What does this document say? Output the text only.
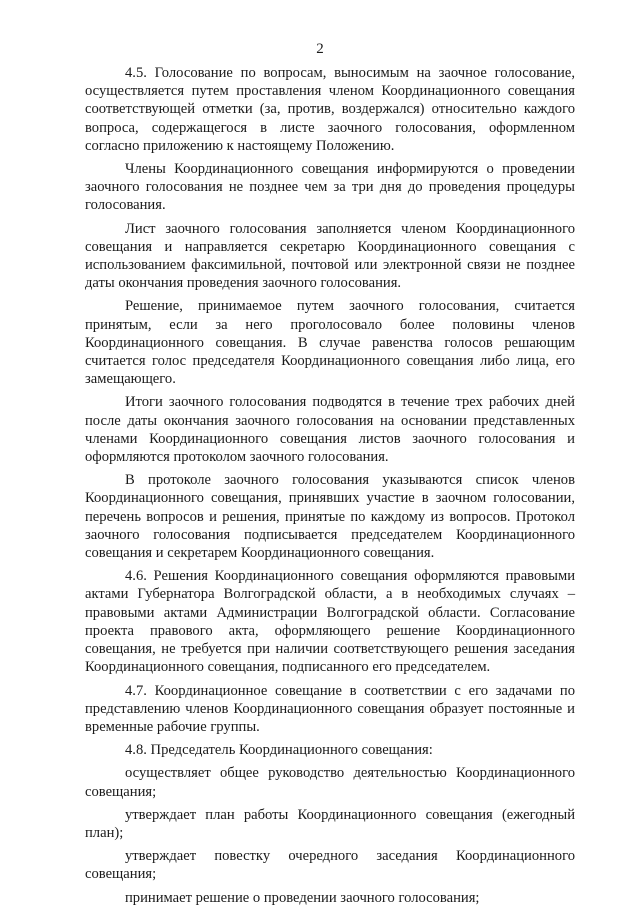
2

4.5. Голосование по вопросам, выносимым на заочное голосование, осуществляется путем проставления членом Координационного совещания соответствующей отметки (за, против, воздержался) относительно каждого вопроса, содержащегося в листе заочного голосования, оформленном согласно приложению к настоящему Положению.

Члены Координационного совещания информируются о проведении заочного голосования не позднее чем за три дня до проведения процедуры голосования.

Лист заочного голосования заполняется членом Координационного совещания и направляется секретарю Координационного совещания с использованием факсимильной, почтовой или электронной связи не позднее даты окончания проведения заочного голосования.

Решение, принимаемое путем заочного голосования, считается принятым, если за него проголосовало более половины членов Координационного совещания. В случае равенства голосов решающим считается голос председателя Координационного совещания либо лица, его замещающего.

Итоги заочного голосования подводятся в течение трех рабочих дней после даты окончания заочного голосования на основании представленных членами Координационного совещания листов заочного голосования и оформляются протоколом заочного голосования.

В протоколе заочного голосования указываются список членов Координационного совещания, принявших участие в заочном голосовании, перечень вопросов и решения, принятые по каждому из вопросов. Протокол заочного голосования подписывается председателем Координационного совещания и секретарем Координационного совещания.

4.6. Решения Координационного совещания оформляются правовыми актами Губернатора Волгоградской области, а в необходимых случаях – правовыми актами Администрации Волгоградской области. Согласование проекта правового акта, оформляющего решение Координационного совещания, не требуется при наличии соответствующего решения заседания Координационного совещания, подписанного его председателем.

4.7. Координационное совещание в соответствии с его задачами по представлению членов Координационного совещания образует постоянные и временные рабочие группы.

4.8. Председатель Координационного совещания:

осуществляет общее руководство деятельностью Координационного совещания;

утверждает план работы Координационного совещания (ежегодный план);

утверждает повестку очередного заседания Координационного совещания;

принимает решение о проведении заочного голосования;
